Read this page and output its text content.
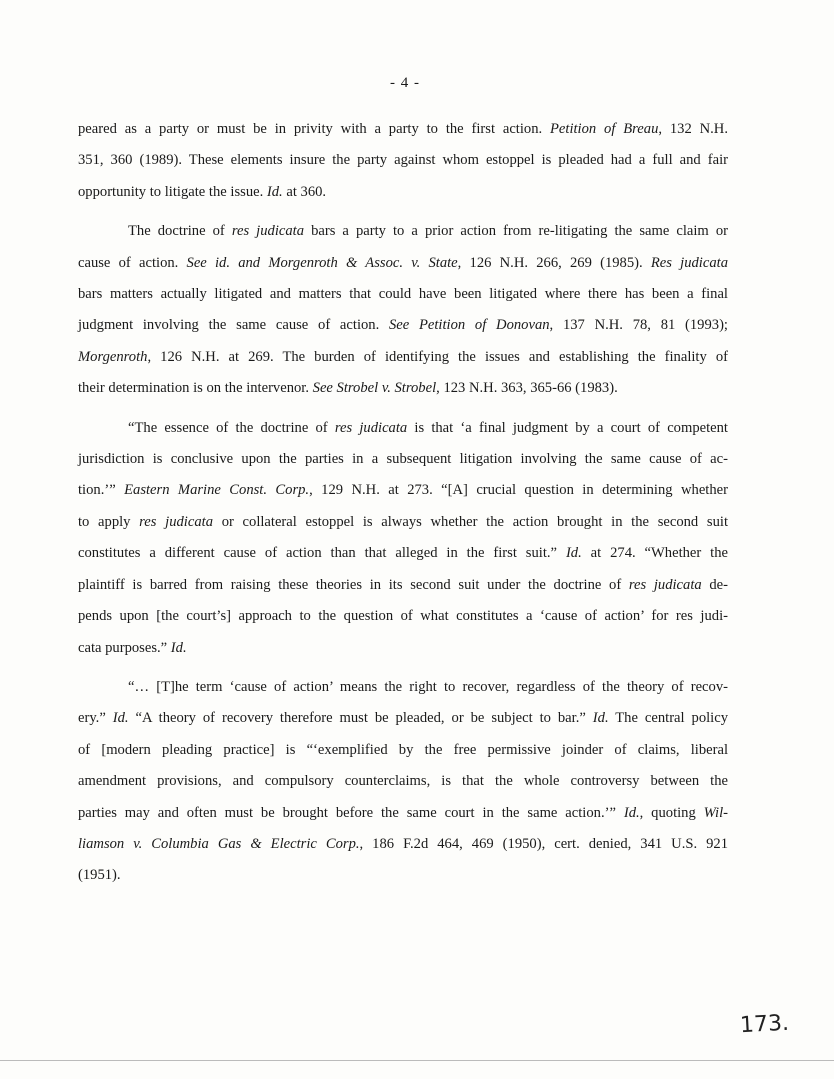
- 4 -
peared as a party or must be in privity with a party to the first action. Petition of Breau, 132 N.H.
351, 360 (1989). These elements insure the party against whom estoppel is pleaded had a full and fair
opportunity to litigate the issue. Id. at 360.
The doctrine of res judicata bars a party to a prior action from re-litigating the same claim or
cause of action. See id. and Morgenroth & Assoc. v. State, 126 N.H. 266, 269 (1985). Res judicata
bars matters actually litigated and matters that could have been litigated where there has been a final
judgment involving the same cause of action. See Petition of Donovan, 137 N.H. 78, 81 (1993);
Morgenroth, 126 N.H. at 269. The burden of identifying the issues and establishing the finality of
their determination is on the intervenor. See Strobel v. Strobel, 123 N.H. 363, 365-66 (1983).
“The essence of the doctrine of res judicata is that ‘a final judgment by a court of competent
jurisdiction is conclusive upon the parties in a subsequent litigation involving the same cause of ac-
tion.’” Eastern Marine Const. Corp., 129 N.H. at 273. “[A] crucial question in determining whether
to apply res judicata or collateral estoppel is always whether the action brought in the second suit
constitutes a different cause of action than that alleged in the first suit.” Id. at 274. “Whether the
plaintiff is barred from raising these theories in its second suit under the doctrine of res judicata de-
pends upon [the court’s] approach to the question of what constitutes a ‘cause of action’ for res judi-
cata purposes.” Id.
“… [T]he term ‘cause of action’ means the right to recover, regardless of the theory of recov-
ery.” Id. “A theory of recovery therefore must be pleaded, or be subject to bar.” Id. The central policy
of [modern pleading practice] is “‘exemplified by the free permissive joinder of claims, liberal
amendment provisions, and compulsory counterclaims, is that the whole controversy between the
parties may and often must be brought before the same court in the same action.’” Id., quoting Wil-
liamson v. Columbia Gas & Electric Corp., 186 F.2d 464, 469 (1950), cert. denied, 341 U.S. 921
(1951).
173.
